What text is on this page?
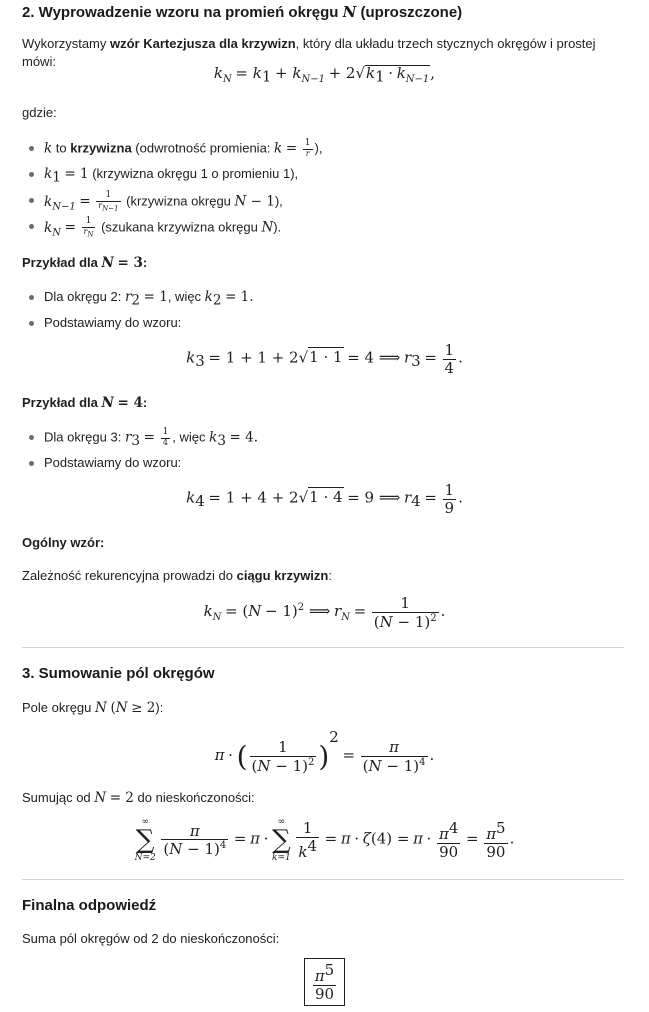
2. Wyprowadzenie wzoru na promień okręgu N (uproszczone)

Wykorzystamy wzór Kartezjusza dla krzywizn, który dla układu trzech stycznych okręgów i prostej mówi:

$k_N = k_1 + k_{N-1} + 2√k_1 \cdot k_{N-1}$,

gdzie:

k to krzywizna (odwrotność promienia: $k = \frac{1}{r}$ ),
$k_1 = 1$ (krzywizna okręgu 1 o promieniu 1),
$k_{N-1} = \frac{1}{r_{N-1}}$ (krzywizna okręgu N − 1),
$k_N = \frac{1}{r_N}$ (szukana krzywizna okręgu N).

Przykład dla N = 3:

Dla okręgu 2: $r_2 = 1$, więc $k_2 = 1$.
Podstawiamy do wzoru:
$k_3 = 1 + 1 + 2√1 \cdot 1 = 4$ ⟹ $r_3 = \frac{1}{4}$ .

Przykład dla N = 4:

Dla okręgu 3: $r_3 = \frac{1}{4}$ , więc $k_3 = 4$.
Podstawiamy do wzoru:
$k_4 = 1 + 4 + 2√1 \cdot 4 = 9$ ⟹ $r_4 = \frac{1}{9}$ .

Ogólny wzór:

Zależność rekurencyjna prowadzi do ciągu krzywizn:

$k_N = (N - 1)^2$ ⟹ $r_N = \frac{1}{(N - 1)^2}$ .
3. Sumowanie pól okręgów

Pole okręgu N (N ≥ 2):

π · ( $\frac{1}{(N - 1)^2} )^2 = \frac{\pi}{(N - 1)^4}$ .

Sumując od N = 2 do nieskończoności:

∞
∑
N=2

$\frac{\pi}{(N - 1)^4} = \pi$ ·
∞
∑
k=1
$\frac{1}{k^4} = \pi \cdot \zeta(4) = \pi \cdot \frac{\pi^4}{90} = \frac{\pi^5}{90}$ .
Finalna odpowiedź

Suma pól okręgów od 2 do nieskończoności:

$\frac{\pi^5}{90}$
